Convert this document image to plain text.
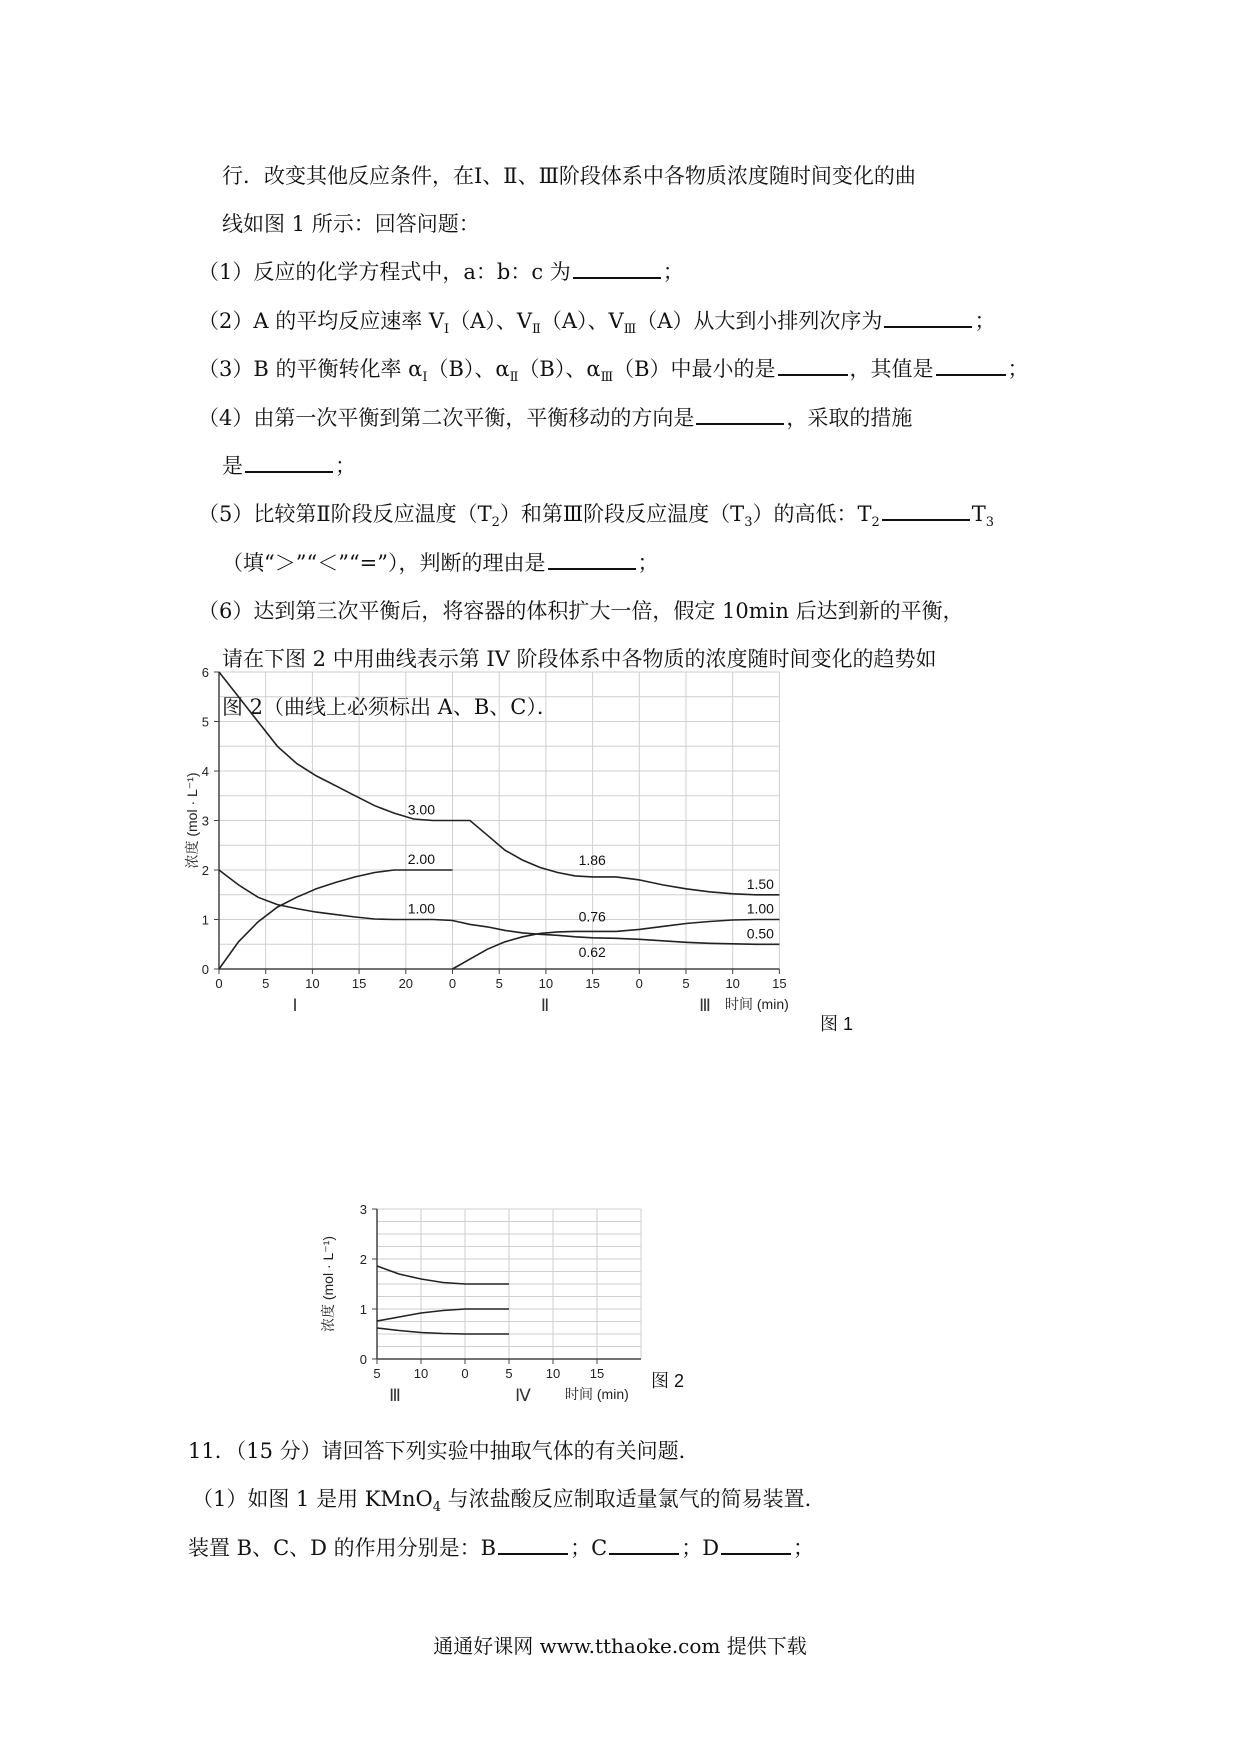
行．改变其他反应条件，在Ⅰ、Ⅱ、Ⅲ阶段体系中各物质浓度随时间变化的曲
线如图 1 所示：回答问题：
（1）反应的化学方程式中，a：b：c 为	；
（2）A 的平均反应速率 $V_Ⅰ(A)$、$V_Ⅱ(A)$、$V_Ⅲ(A)$从大到小排列次序为	；
（3）B 的平衡转化率 $\alpha_Ⅰ(B)$、$\alpha_Ⅱ(B)$、$\alpha_Ⅲ(B)$中最小的是	，其值是	；
（4）由第一次平衡到第二次平衡，平衡移动的方向是	，采取的措施
是	；
（5）比较第Ⅱ阶段反应温度$(T_2)$和第Ⅲ阶段反应温度$(T_3)$的高低：$T_2$	$T_3$
（填“＞”“＜”“=”），判断的理由是	；
（6）达到第三次平衡后，将容器的体积扩大一倍，假定 10min 后达到新的平衡，
请在下图 2 中用曲线表示第 IV 阶段体系中各物质的浓度随时间变化的趋势如
图 2（曲线上必须标出 A、B、C）．
0
1
2
3
4
5
6
0	5	10 15 20	0	5	10 15	0	5	10 15
Ⅰ	Ⅱ	Ⅲ 时间 (min)
浓度 (mol · L⁻¹)
图 1
3.00
2.00
1.00
1.86
0.76
0.62
1.50
1.00
0.50
0
1
2
3
5	10	0	5	10 15
Ⅲ	Ⅳ 时间 (min)
浓度 (mol · L⁻¹)
图 2
11．（15 分）请回答下列实验中抽取气体的有关问题．
（1）如图 1 是用 KMnO$_4$ 与浓盐酸反应制取适量氯气的简易装置．
装置 B、C、D 的作用分别是：B	；C	；D	；
通通好课网 www.tthaoke.com 提供下载
